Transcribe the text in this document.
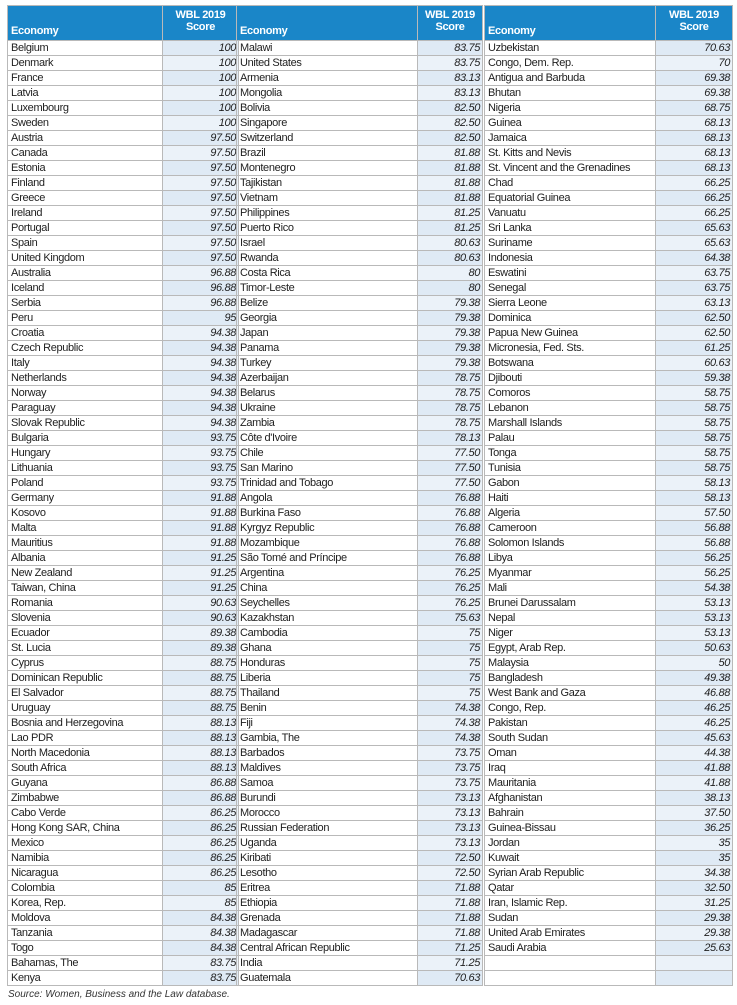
Economy	WBL 2019
Score
Belgium	100
Denmark	100
France	100
Latvia	100
Luxembourg	100
Sweden	100
Austria	97.50
Canada	97.50
Estonia	97.50
Finland	97.50
Greece	97.50
Ireland	97.50
Portugal	97.50
Spain	97.50
United Kingdom	97.50
Australia	96.88
Iceland	96.88
Serbia	96.88
Peru	95
Croatia	94.38
Czech Republic	94.38
Italy	94.38
Netherlands	94.38
Norway	94.38
Paraguay	94.38
Slovak Republic	94.38
Bulgaria	93.75
Hungary	93.75
Lithuania	93.75
Poland	93.75
Germany	91.88
Kosovo	91.88
Malta	91.88
Mauritius	91.88
Albania	91.25
New Zealand	91.25
Taiwan, China	91.25
Romania	90.63
Slovenia	90.63
Ecuador	89.38
St. Lucia	89.38
Cyprus	88.75
Dominican Republic	88.75
El Salvador	88.75
Uruguay	88.75
Bosnia and Herzegovina	88.13
Lao PDR	88.13
North Macedonia	88.13
South Africa	88.13
Guyana	86.88
Zimbabwe	86.88
Cabo Verde	86.25
Hong Kong SAR, China	86.25
Mexico	86.25
Namibia	86.25
Nicaragua	86.25
Colombia	85
Korea, Rep.	85
Moldova	84.38
Tanzania	84.38
Togo	84.38
Bahamas, The	83.75
Kenya	83.75
Economy	WBL 2019
Score
Malawi	83.75
United States	83.75
Armenia	83.13
Mongolia	83.13
Bolivia	82.50
Singapore	82.50
Switzerland	82.50
Brazil	81.88
Montenegro	81.88
Tajikistan	81.88
Vietnam	81.88
Philippines	81.25
Puerto Rico	81.25
Israel	80.63
Rwanda	80.63
Costa Rica	80
Timor-Leste	80
Belize	79.38
Georgia	79.38
Japan	79.38
Panama	79.38
Turkey	79.38
Azerbaijan	78.75
Belarus	78.75
Ukraine	78.75
Zambia	78.75
Côte d'Ivoire	78.13
Chile	77.50
San Marino	77.50
Trinidad and Tobago	77.50
Angola	76.88
Burkina Faso	76.88
Kyrgyz Republic	76.88
Mozambique	76.88
São Tomé and Príncipe	76.88
Argentina	76.25
China	76.25
Seychelles	76.25
Kazakhstan	75.63
Cambodia	75
Ghana	75
Honduras	75
Liberia	75
Thailand	75
Benin	74.38
Fiji	74.38
Gambia, The	74.38
Barbados	73.75
Maldives	73.75
Samoa	73.75
Burundi	73.13
Morocco	73.13
Russian Federation	73.13
Uganda	73.13
Kiribati	72.50
Lesotho	72.50
Eritrea	71.88
Ethiopia	71.88
Grenada	71.88
Madagascar	71.88
Central African Republic	71.25
India	71.25
Guatemala	70.63
Economy	WBL 2019
Score
Uzbekistan	70.63
Congo, Dem. Rep.	70
Antigua and Barbuda	69.38
Bhutan	69.38
Nigeria	68.75
Guinea	68.13
Jamaica	68.13
St. Kitts and Nevis	68.13
St. Vincent and the Grenadines	68.13
Chad	66.25
Equatorial Guinea	66.25
Vanuatu	66.25
Sri Lanka	65.63
Suriname	65.63
Indonesia	64.38
Eswatini	63.75
Senegal	63.75
Sierra Leone	63.13
Dominica	62.50
Papua New Guinea	62.50
Micronesia, Fed. Sts.	61.25
Botswana	60.63
Djibouti	59.38
Comoros	58.75
Lebanon	58.75
Marshall Islands	58.75
Palau	58.75
Tonga	58.75
Tunisia	58.75
Gabon	58.13
Haiti	58.13
Algeria	57.50
Cameroon	56.88
Solomon Islands	56.88
Libya	56.25
Myanmar	56.25
Mali	54.38
Brunei Darussalam	53.13
Nepal	53.13
Niger	53.13
Egypt, Arab Rep.	50.63
Malaysia	50
Bangladesh	49.38
West Bank and Gaza	46.88
Congo, Rep.	46.25
Pakistan	46.25
South Sudan	45.63
Oman	44.38
Iraq	41.88
Mauritania	41.88
Afghanistan	38.13
Bahrain	37.50
Guinea-Bissau	36.25
Jordan	35
Kuwait	35
Syrian Arab Republic	34.38
Qatar	32.50
Iran, Islamic Rep.	31.25
Sudan	29.38
United Arab Emirates	29.38
Saudi Arabia	25.63

Source: Women, Business and the Law database.
